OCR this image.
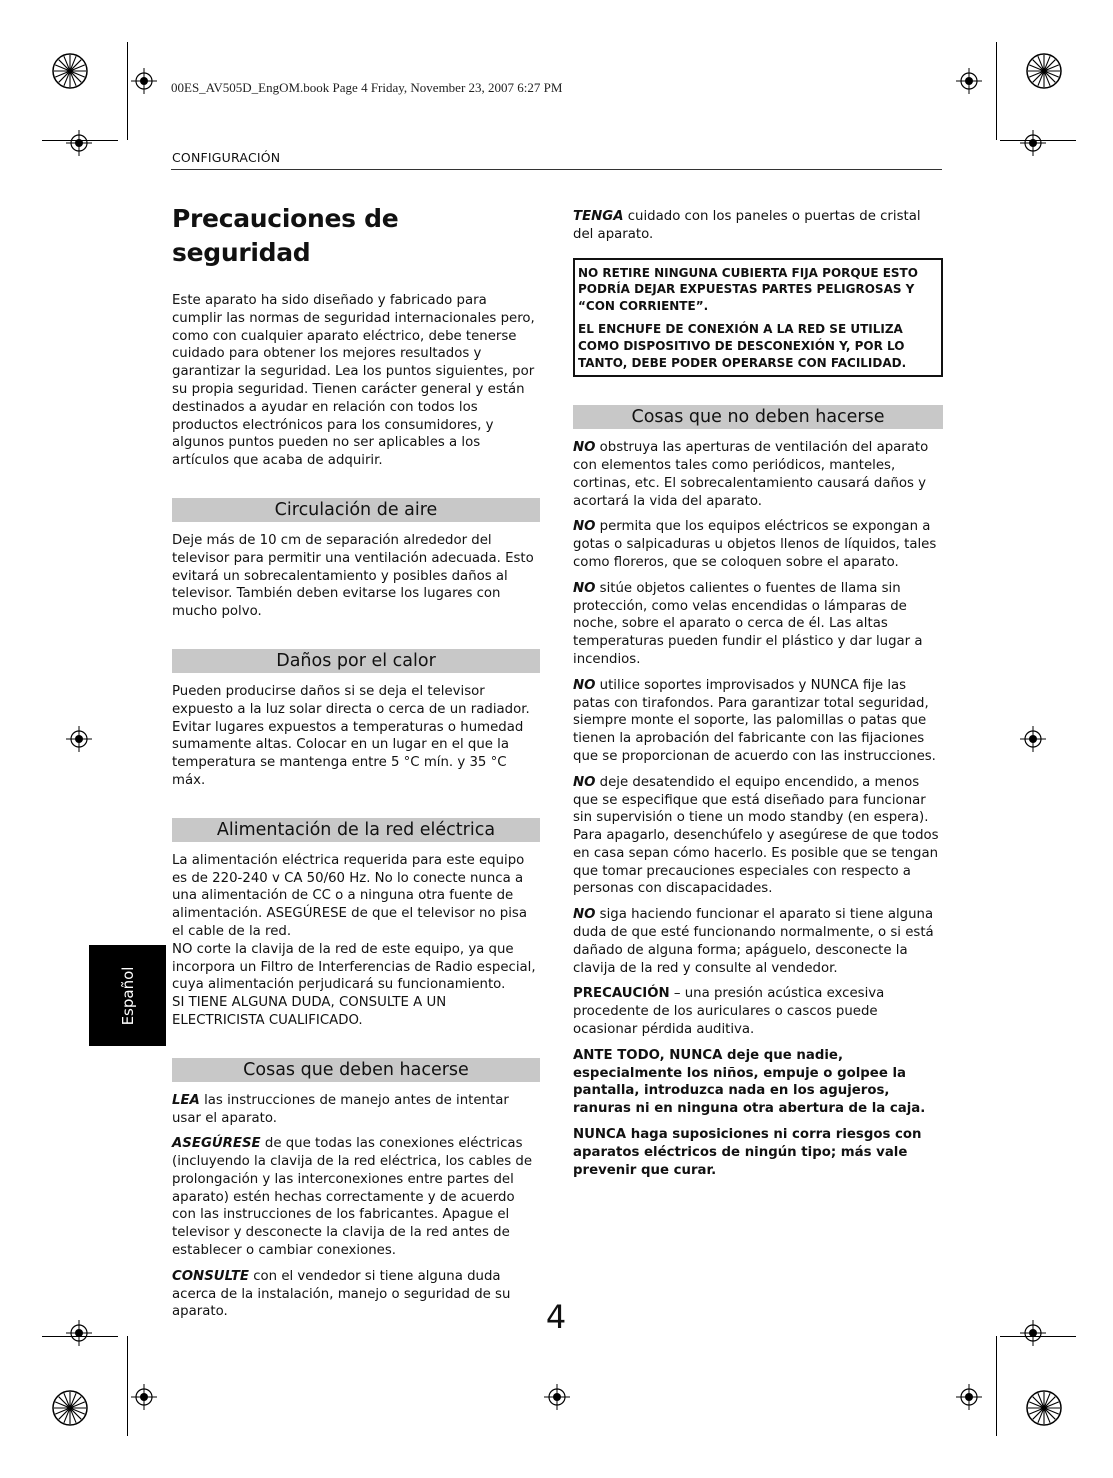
00ES_AV505D_EngOM.book Page 4 Friday, November 23, 2007 6:27 PM
CONFIGURACIÓN
Precauciones de seguridad

Este aparato ha sido diseñado y fabricado para cumplir las normas de seguridad internacionales pero, como con cualquier aparato eléctrico, debe tenerse cuidado para obtener los mejores resultados y garantizar la seguridad. Lea los puntos siguientes, por su propia seguridad. Tienen carácter general y están destinados a ayudar en relación con todos los productos electrónicos para los consumidores, y algunos puntos pueden no ser aplicables a los artículos que acaba de adquirir.

Circulación de aire

Deje más de 10 cm de separación alrededor del televisor para permitir una ventilación adecuada. Esto evitará un sobrecalentamiento y posibles daños al televisor. También deben evitarse los lugares con mucho polvo.

Daños por el calor

Pueden producirse daños si se deja el televisor expuesto a la luz solar directa o cerca de un radiador. Evitar lugares expuestos a temperaturas o humedad sumamente altas. Colocar en un lugar en el que la temperatura se mantenga entre 5 °C mín. y 35 °C máx.

Alimentación de la red eléctrica
La alimentación eléctrica requerida para este equipo es de 220-240 v CA 50/60 Hz. No lo conecte nunca a una alimentación de CC o a ninguna otra fuente de alimentación. ASEGÚRESE de que el televisor no pisa el cable de la red.
NO corte la clavija de la red de este equipo, ya que incorpora un Filtro de Interferencias de Radio especial, cuya alimentación perjudicará su funcionamiento.
SI TIENE ALGUNA DUDA, CONSULTE A UN ELECTRICISTA CUALIFICADO.
Cosas que deben hacerse

LEA las instrucciones de manejo antes de intentar usar el aparato.

ASEGÚRESE de que todas las conexiones eléctricas (incluyendo la clavija de la red eléctrica, los cables de prolongación y las interconexiones entre partes del aparato) estén hechas correctamente y de acuerdo con las instrucciones de los fabricantes. Apague el televisor y desconecte la clavija de la red antes de establecer o cambiar conexiones.

CONSULTE con el vendedor si tiene alguna duda acerca de la instalación, manejo o seguridad de su aparato.

TENGA cuidado con los paneles o puertas de cristal del aparato.

NO RETIRE NINGUNA CUBIERTA FIJA PORQUE ESTO PODRÍA DEJAR EXPUESTAS PARTES PELIGROSAS Y “CON CORRIENTE”.

EL ENCHUFE DE CONEXIÓN A LA RED SE UTILIZA COMO DISPOSITIVO DE DESCONEXIÓN Y, POR LO TANTO, DEBE PODER OPERARSE CON FACILIDAD.

Cosas que no deben hacerse

NO obstruya las aperturas de ventilación del aparato con elementos tales como periódicos, manteles, cortinas, etc. El sobrecalentamiento causará daños y acortará la vida del aparato.

NO permita que los equipos eléctricos se expongan a gotas o salpicaduras u objetos llenos de líquidos, tales como floreros, que se coloquen sobre el aparato.

NO sitúe objetos calientes o fuentes de llama sin protección, como velas encendidas o lámparas de noche, sobre el aparato o cerca de él. Las altas temperaturas pueden fundir el plástico y dar lugar a incendios.

NO utilice soportes improvisados y NUNCA fije las patas con tirafondos. Para garantizar total seguridad, siempre monte el soporte, las palomillas o patas que tienen la aprobación del fabricante con las fijaciones que se proporcionan de acuerdo con las instrucciones.

NO deje desatendido el equipo encendido, a menos que se especifique que está diseñado para funcionar sin supervisión o tiene un modo standby (en espera). Para apagarlo, desenchúfelo y asegúrese de que todos en casa sepan cómo hacerlo. Es posible que se tengan que tomar precauciones especiales con respecto a personas con discapacidades.

NO siga haciendo funcionar el aparato si tiene alguna duda de que esté funcionando normalmente, o si está dañado de alguna forma; apáguelo, desconecte la clavija de la red y consulte al vendedor.

PRECAUCIÓN – una presión acústica excesiva procedente de los auriculares o cascos puede ocasionar pérdida auditiva.

ANTE TODO, NUNCA deje que nadie, especialmente los niños, empuje o golpee la pantalla, introduzca nada en los agujeros, ranuras ni en ninguna otra abertura de la caja.

NUNCA haga suposiciones ni corra riesgos con aparatos eléctricos de ningún tipo; más vale prevenir que curar.

Español
4
